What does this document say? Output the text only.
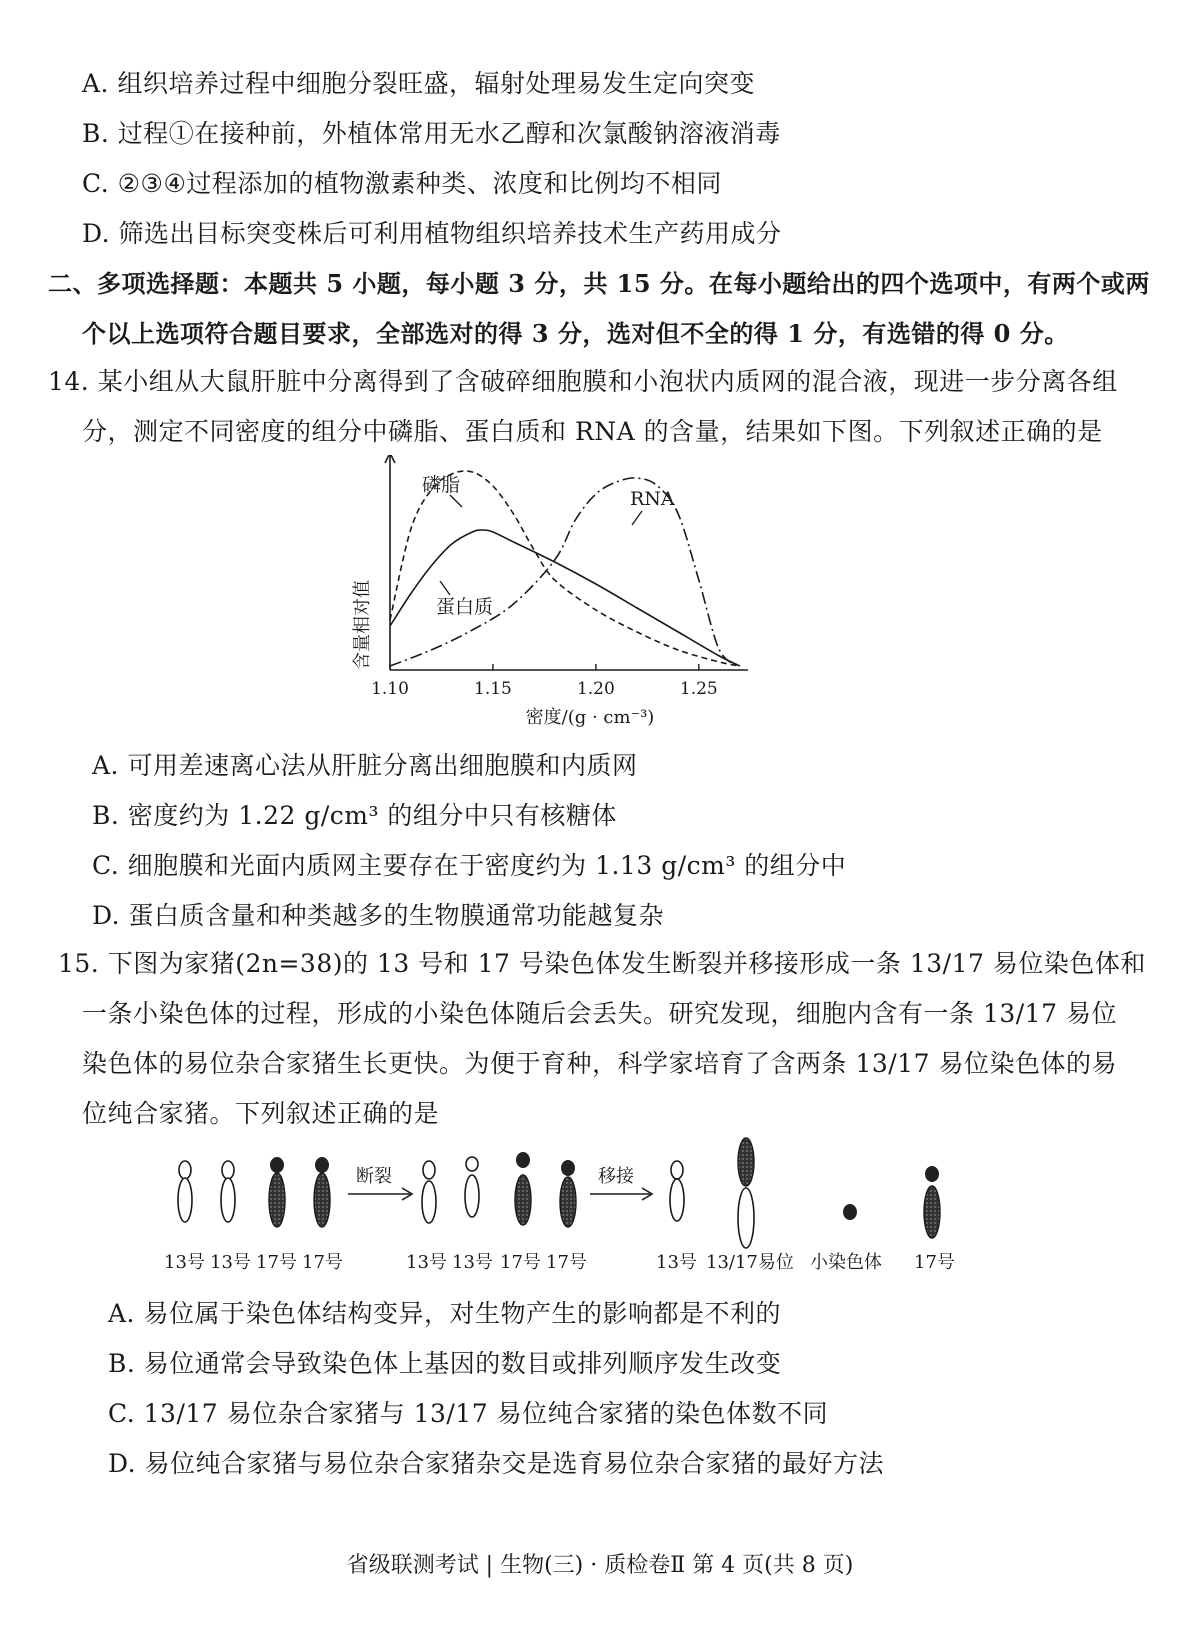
A. 组织培养过程中细胞分裂旺盛，辐射处理易发生定向突变
B. 过程①在接种前，外植体常用无水乙醇和次氯酸钠溶液消毒
C. ②③④过程添加的植物激素种类、浓度和比例均不相同
D. 筛选出目标突变株后可利用植物组织培养技术生产药用成分
二、多项选择题：本题共 5 小题，每小题 3 分，共 15 分。在每小题给出的四个选项中，有两个或两
个以上选项符合题目要求，全部选对的得 3 分，选对但不全的得 1 分，有选错的得 0 分。
14. 某小组从大鼠肝脏中分离得到了含破碎细胞膜和小泡状内质网的混合液，现进一步分离各组
分，测定不同密度的组分中磷脂、蛋白质和 RNA 的含量，结果如下图。下列叙述正确的是
1.10	1.15	1.20	1.25
含量相对值
密度/(g · cm⁻³)
磷脂
RNA
蛋白质
A. 可用差速离心法从肝脏分离出细胞膜和内质网
B. 密度约为 1.22 g/cm³ 的组分中只有核糖体
C. 细胞膜和光面内质网主要存在于密度约为 1.13 g/cm³ 的组分中
D. 蛋白质含量和种类越多的生物膜通常功能越复杂
15. 下图为家猪(2n=38)的 13 号和 17 号染色体发生断裂并移接形成一条 13/17 易位染色体和
一条小染色体的过程，形成的小染色体随后会丢失。研究发现，细胞内含有一条 13/17 易位
染色体的易位杂合家猪生长更快。为便于育种，科学家培育了含两条 13/17 易位染色体的易
位纯合家猪。下列叙述正确的是
断裂	移接
13号 13号 17号 17号	13号 13号 17号 17号	13号 13/17易位 小染色体 17号
A. 易位属于染色体结构变异，对生物产生的影响都是不利的
B. 易位通常会导致染色体上基因的数目或排列顺序发生改变
C. 13/17 易位杂合家猪与 13/17 易位纯合家猪的染色体数不同
D. 易位纯合家猪与易位杂合家猪杂交是选育易位杂合家猪的最好方法
省级联测考试 | 生物(三) · 质检卷Ⅱ 第 4 页(共 8 页)
